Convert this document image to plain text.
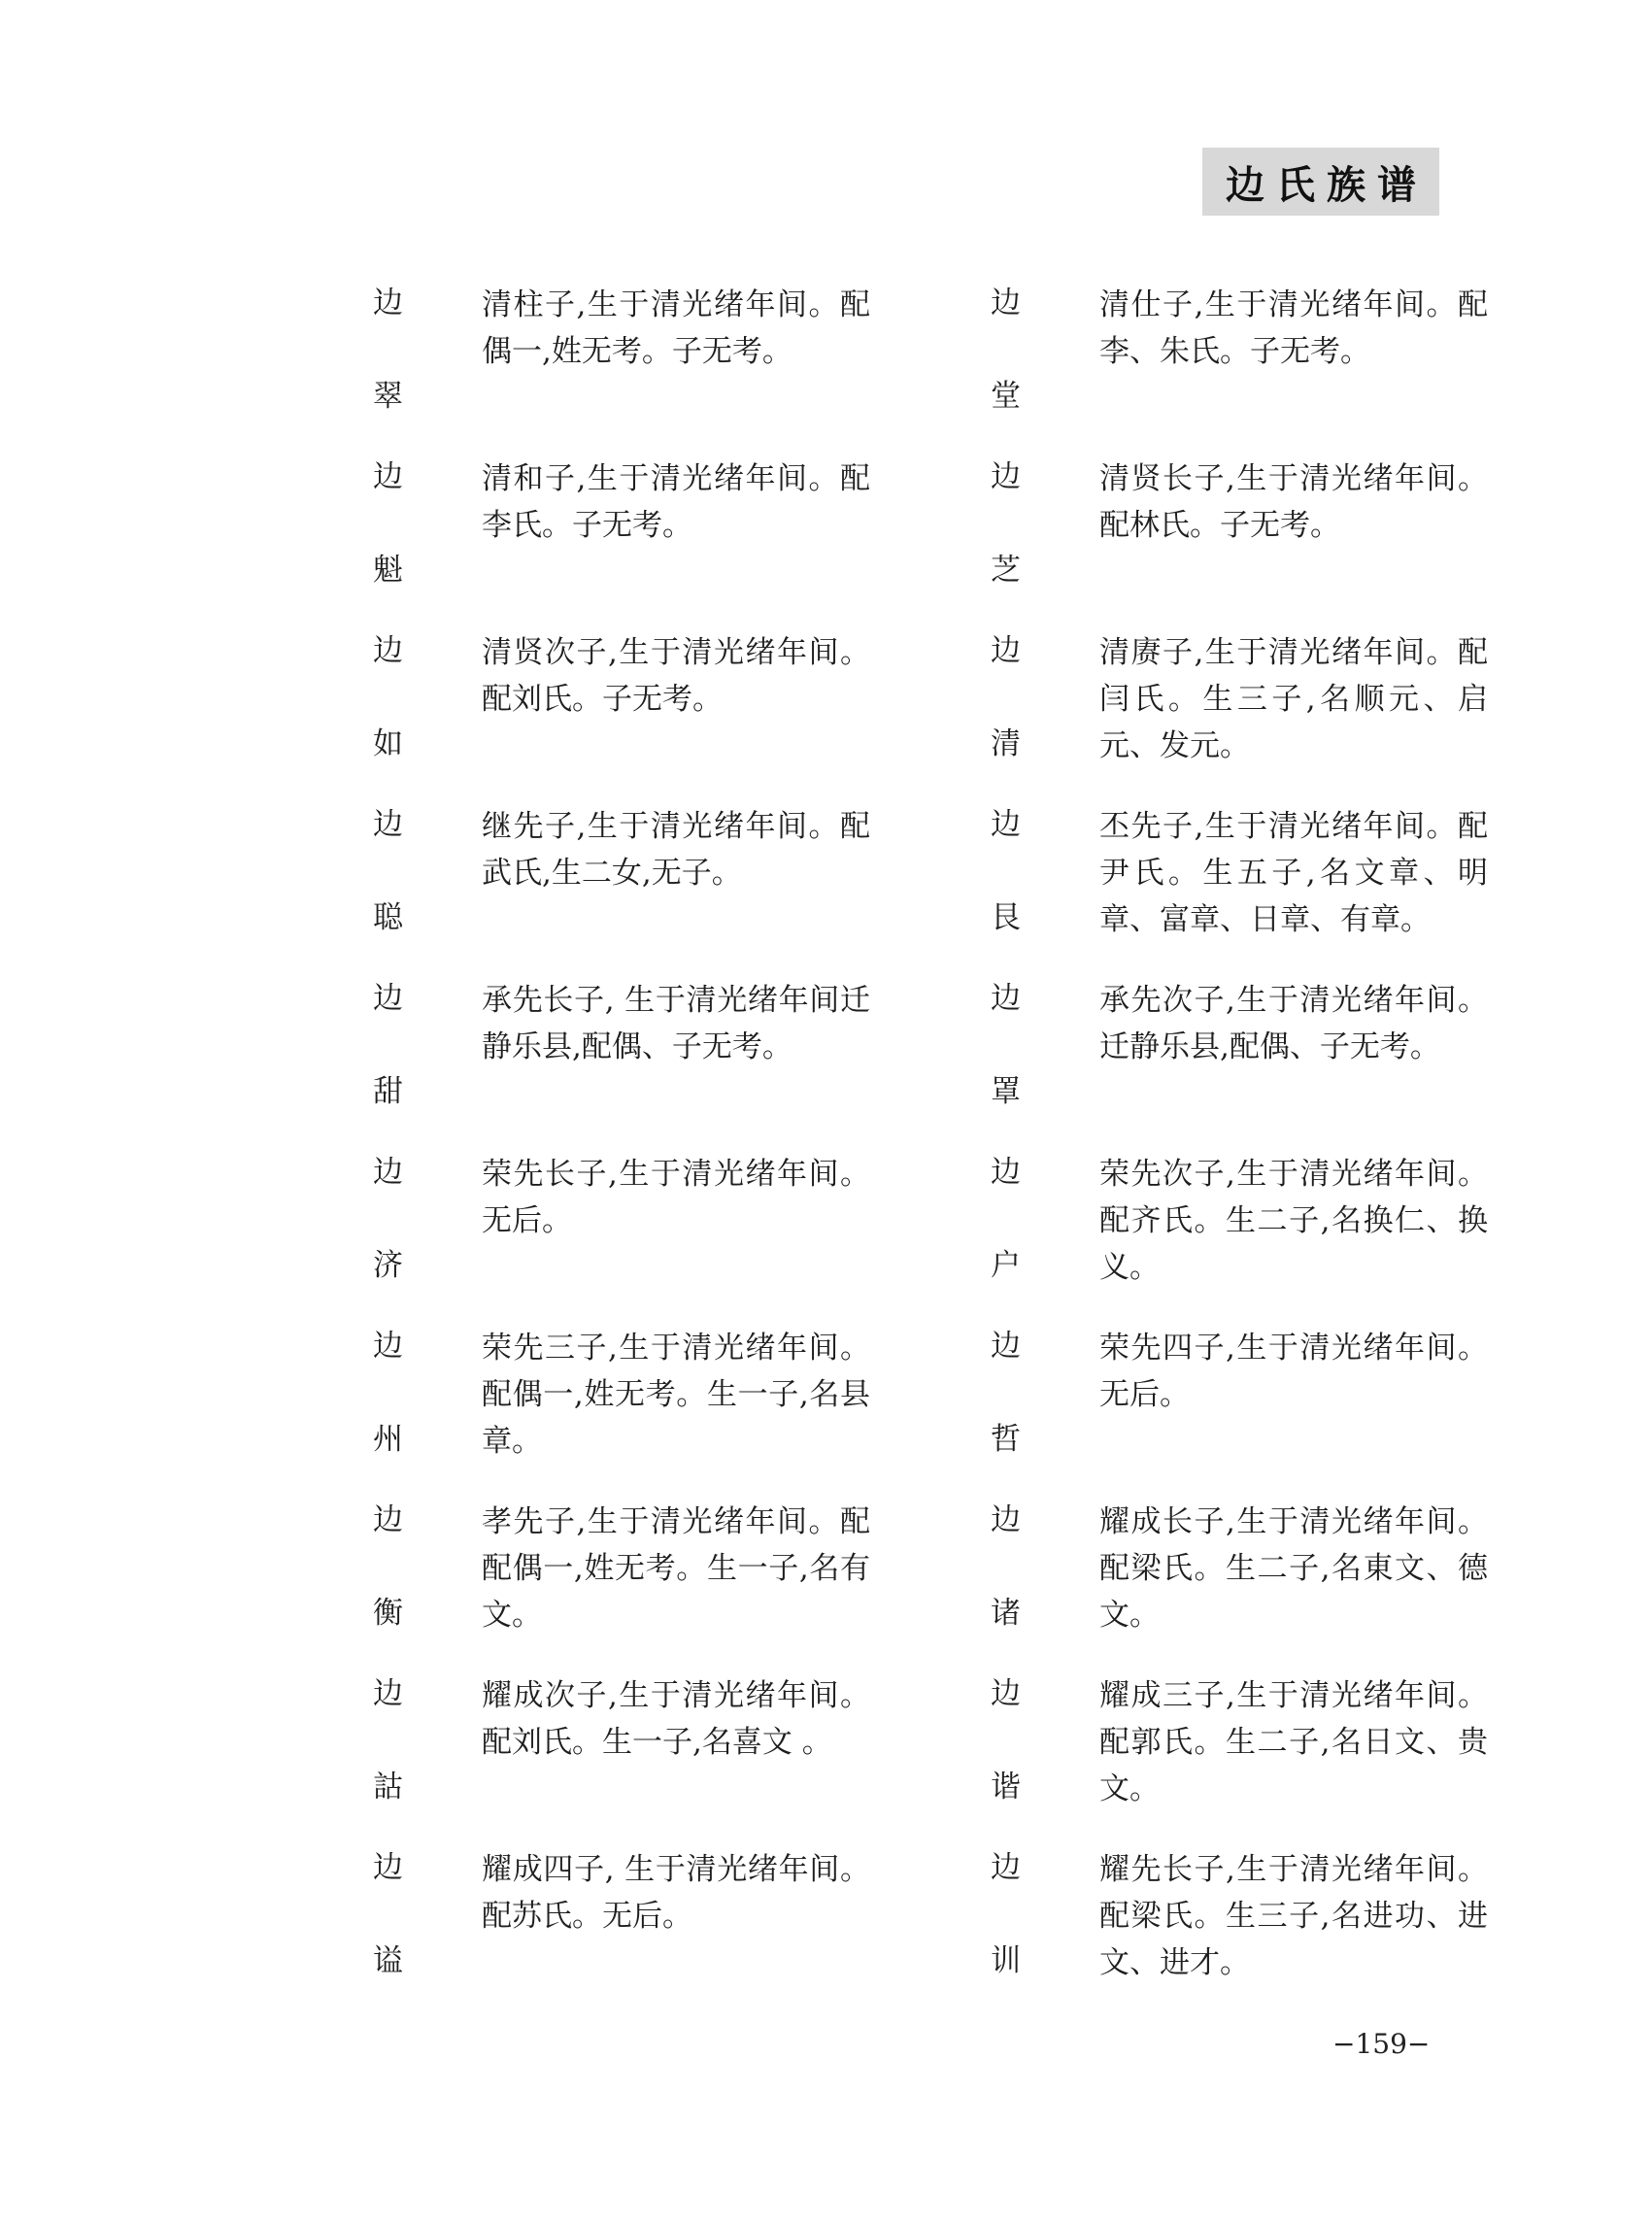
边氏族谱
边
翠
清柱子,生于清光绪年间。配偶一,姓无考。子无考。
边
堂
清仕子,生于清光绪年间。配李、朱氏。子无考。
边
魁
清和子,生于清光绪年间。配李氏。子无考。
边
芝
清贤长子,生于清光绪年间。配林氏。子无考。
边
如
清贤次子,生于清光绪年间。配刘氏。子无考。
边
清
清赓子,生于清光绪年间。配闫氏。生三子,名顺元、启元、发元。
边
聪
继先子,生于清光绪年间。配武氏,生二女,无子。
边
艮
丕先子,生于清光绪年间。配尹氏。生五子,名文章、明章、富章、日章、有章。
边
甜
承先长子, 生于清光绪年间迁静乐县,配偶、子无考。
边
罩
承先次子,生于清光绪年间。迁静乐县,配偶、子无考。
边
济
荣先长子,生于清光绪年间。无后。
边
户
荣先次子,生于清光绪年间。配齐氏。生二子,名换仁、换义。
边
州
荣先三子,生于清光绪年间。配偶一,姓无考。生一子,名县章。
边
哲
荣先四子,生于清光绪年间。无后。
边
衡
孝先子,生于清光绪年间。配配偶一,姓无考。生一子,名有文。
边
诸
耀成长子,生于清光绪年间。配梁氏。生二子,名東文、德文。
边
詁
耀成次子,生于清光绪年间。配刘氏。生一子,名喜文 。
边
谐
耀成三子,生于清光绪年间。配郭氏。生二子,名日文、贵文。
边
谥
耀成四子, 生于清光绪年间。 配苏氏。无后。
边
训
耀先长子,生于清光绪年间。配梁氏。生三子,名进功、进文、进才。
−159−
